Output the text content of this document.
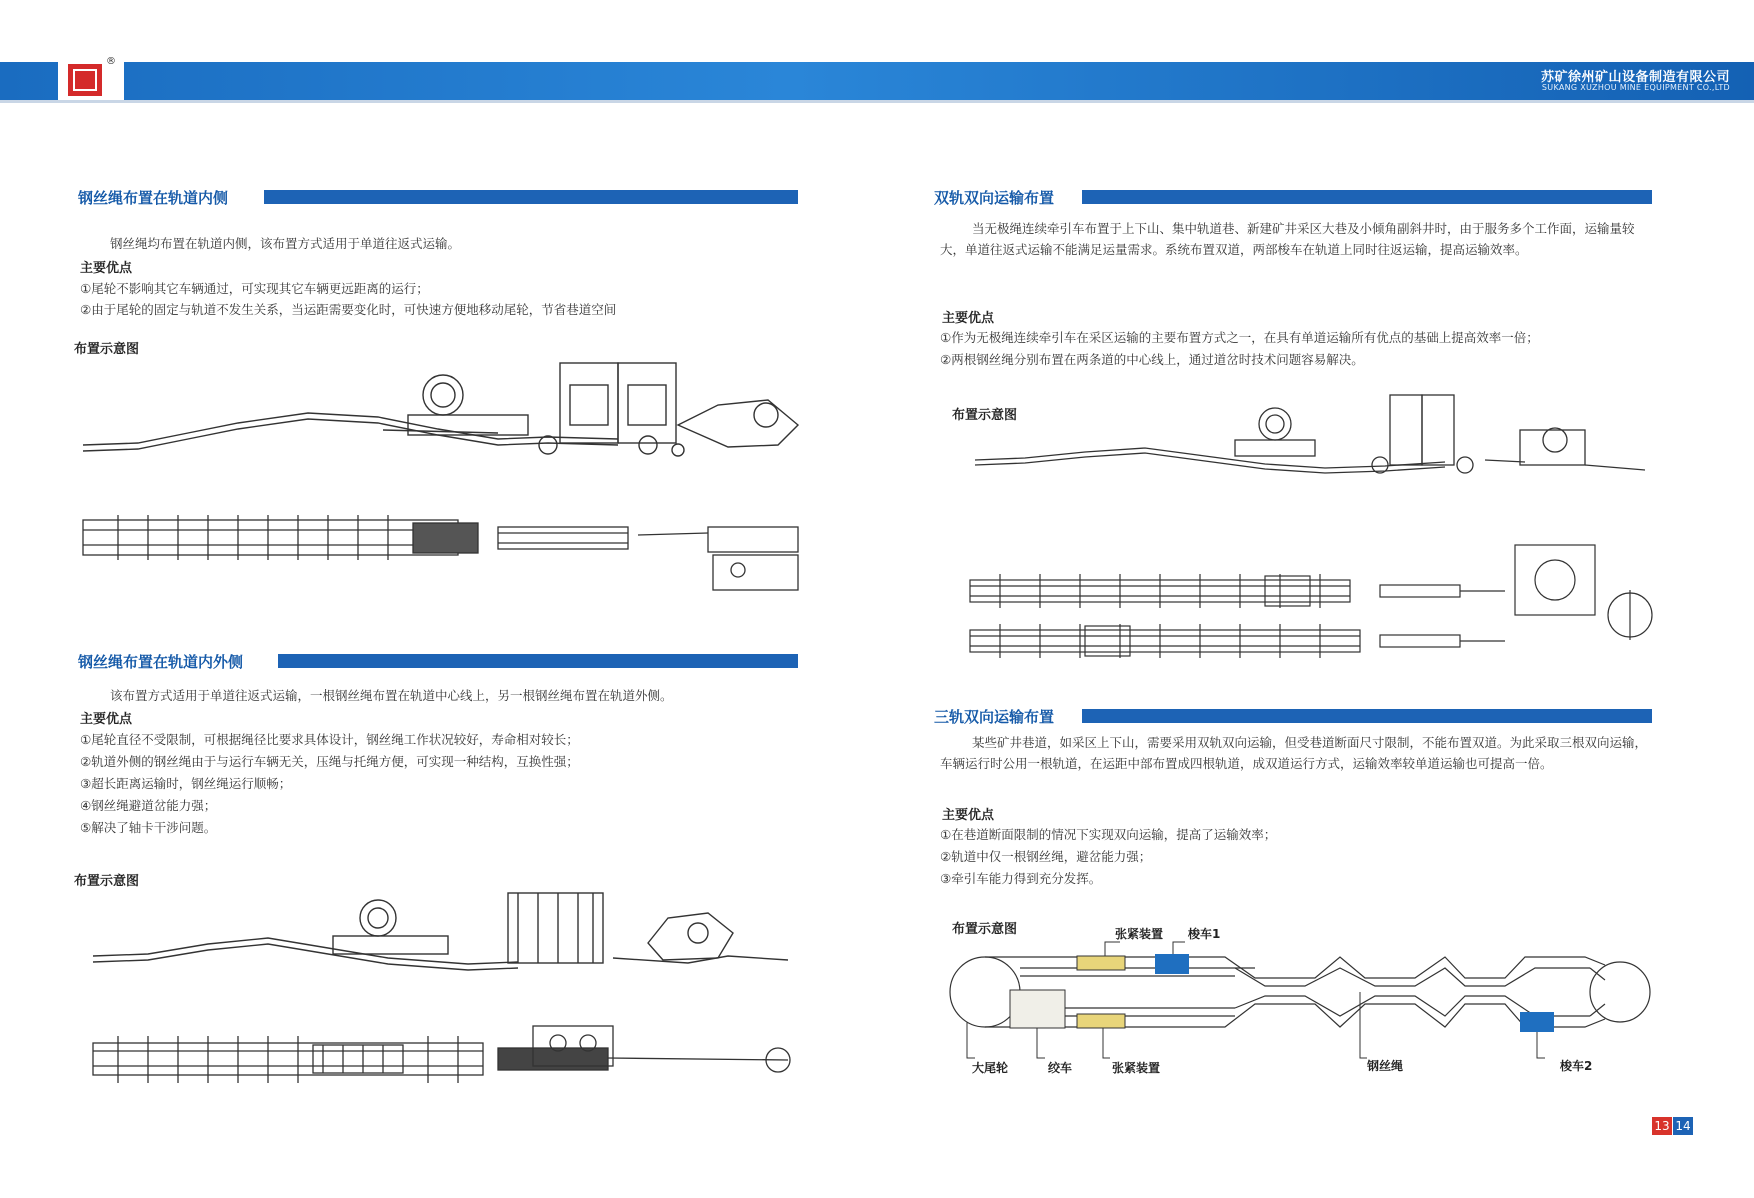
®
苏矿徐州矿山设备制造有限公司
SUKANG XUZHOU MINE EQUIPMENT CO.,LTD
钢丝绳布置在轨道内侧
钢丝绳均布置在轨道内侧，该布置方式适用于单道往返式运输。
主要优点
①尾轮不影响其它车辆通过，可实现其它车辆更远距离的运行；
②由于尾轮的固定与轨道不发生关系，当运距需要变化时，可快速方便地移动尾轮，节省巷道空间
布置示意图
钢丝绳布置在轨道内外侧
该布置方式适用于单道往返式运输，一根钢丝绳布置在轨道中心线上，另一根钢丝绳布置在轨道外侧。
主要优点
①尾轮直径不受限制，可根据绳径比要求具体设计，钢丝绳工作状况较好，寿命相对较长；
②轨道外侧的钢丝绳由于与运行车辆无关，压绳与托绳方便，可实现一种结构，互换性强；
③超长距离运输时，钢丝绳运行顺畅；
④钢丝绳避道岔能力强；
⑤解决了轴卡干涉问题。
布置示意图
双轨双向运输布置
当无极绳连续牵引车布置于上下山、集中轨道巷、新建矿井采区大巷及小倾角副斜井时，由于服务多个工作面，运输量较大，单道往返式运输不能满足运量需求。系统布置双道，两部梭车在轨道上同时往返运输，提高运输效率。
主要优点
①作为无极绳连续牵引车在采区运输的主要布置方式之一，在具有单道运输所有优点的基础上提高效率一倍；
②两根钢丝绳分别布置在两条道的中心线上，通过道岔时技术问题容易解决。
布置示意图
三轨双向运输布置
某些矿井巷道，如采区上下山，需要采用双轨双向运输，但受巷道断面尺寸限制，不能布置双道。为此采取三根双向运输，车辆运行时公用一根轨道，在运距中部布置成四根轨道，成双道运行方式，运输效率较单道运输也可提高一倍。
主要优点
①在巷道断面限制的情况下实现双向运输，提高了运输效率；
②轨道中仅一根钢丝绳，避岔能力强；
③牵引车能力得到充分发挥。
布置示意图	张紧装置 梭车1
大尾轮	绞车	张紧装置	钢丝绳	梭车2
13 14
